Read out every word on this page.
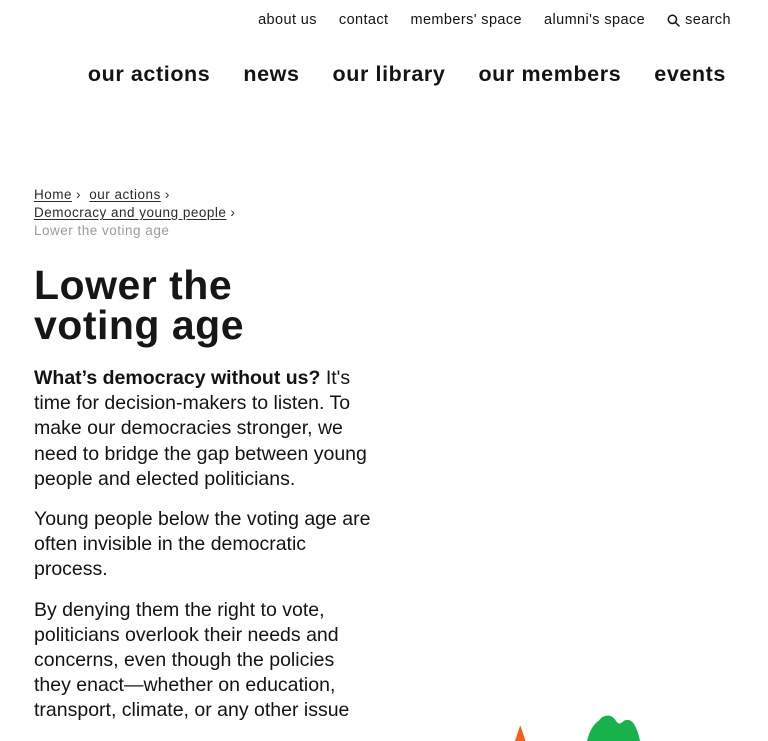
about us contact members' space alumni's space	search
our actions news our library our members events
Home › our actions ›
Democracy and young people ›
Lower the voting age
Lower the voting age

What’s democracy without us? It's time for decision-makers to listen. To make our democracies stronger, we need to bridge the gap between young people and elected politicians.

Young people below the voting age are often invisible in the democratic process.

By denying them the right to vote, politicians overlook their needs and concerns, even though the policies they enact—whether on education, transport, climate, or any other issue
